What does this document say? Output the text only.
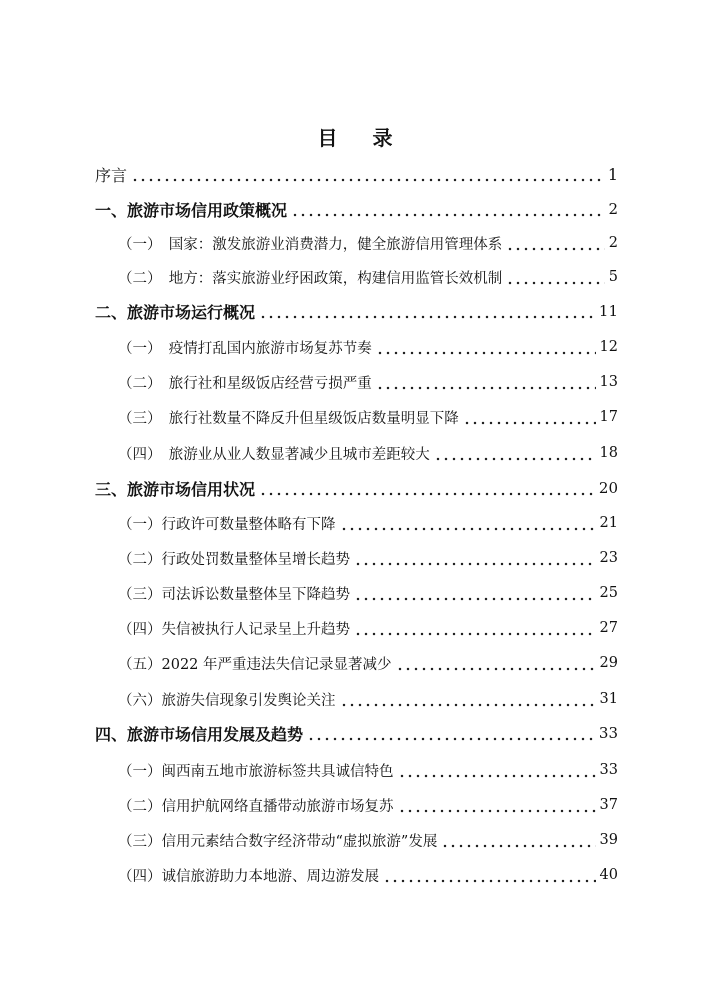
目 录
序言	1
一、旅游市场信用政策概况	2
（一）　国家：激发旅游业消费潜力，健全旅游信用管理体系	2
（二）　地方：落实旅游业纾困政策，构建信用监管长效机制	5
二、旅游市场运行概况	11
（一）　疫情打乱国内旅游市场复苏节奏	12
（二）　旅行社和星级饭店经营亏损严重	13
（三）　旅行社数量不降反升但星级饭店数量明显下降	17
（四）　旅游业从业人数显著减少且城市差距较大	18
三、旅游市场信用状况	20
（一）行政许可数量整体略有下降	21
（二）行政处罚数量整体呈增长趋势	23
（三）司法诉讼数量整体呈下降趋势	25
（四）失信被执行人记录呈上升趋势	27
（五）2022 年严重违法失信记录显著减少	29
（六）旅游失信现象引发舆论关注	31
四、旅游市场信用发展及趋势	33
（一）闽西南五地市旅游标签共具诚信特色	33
（二）信用护航网络直播带动旅游市场复苏	37
（三）信用元素结合数字经济带动“虚拟旅游”发展	39
（四）诚信旅游助力本地游、周边游发展	40
